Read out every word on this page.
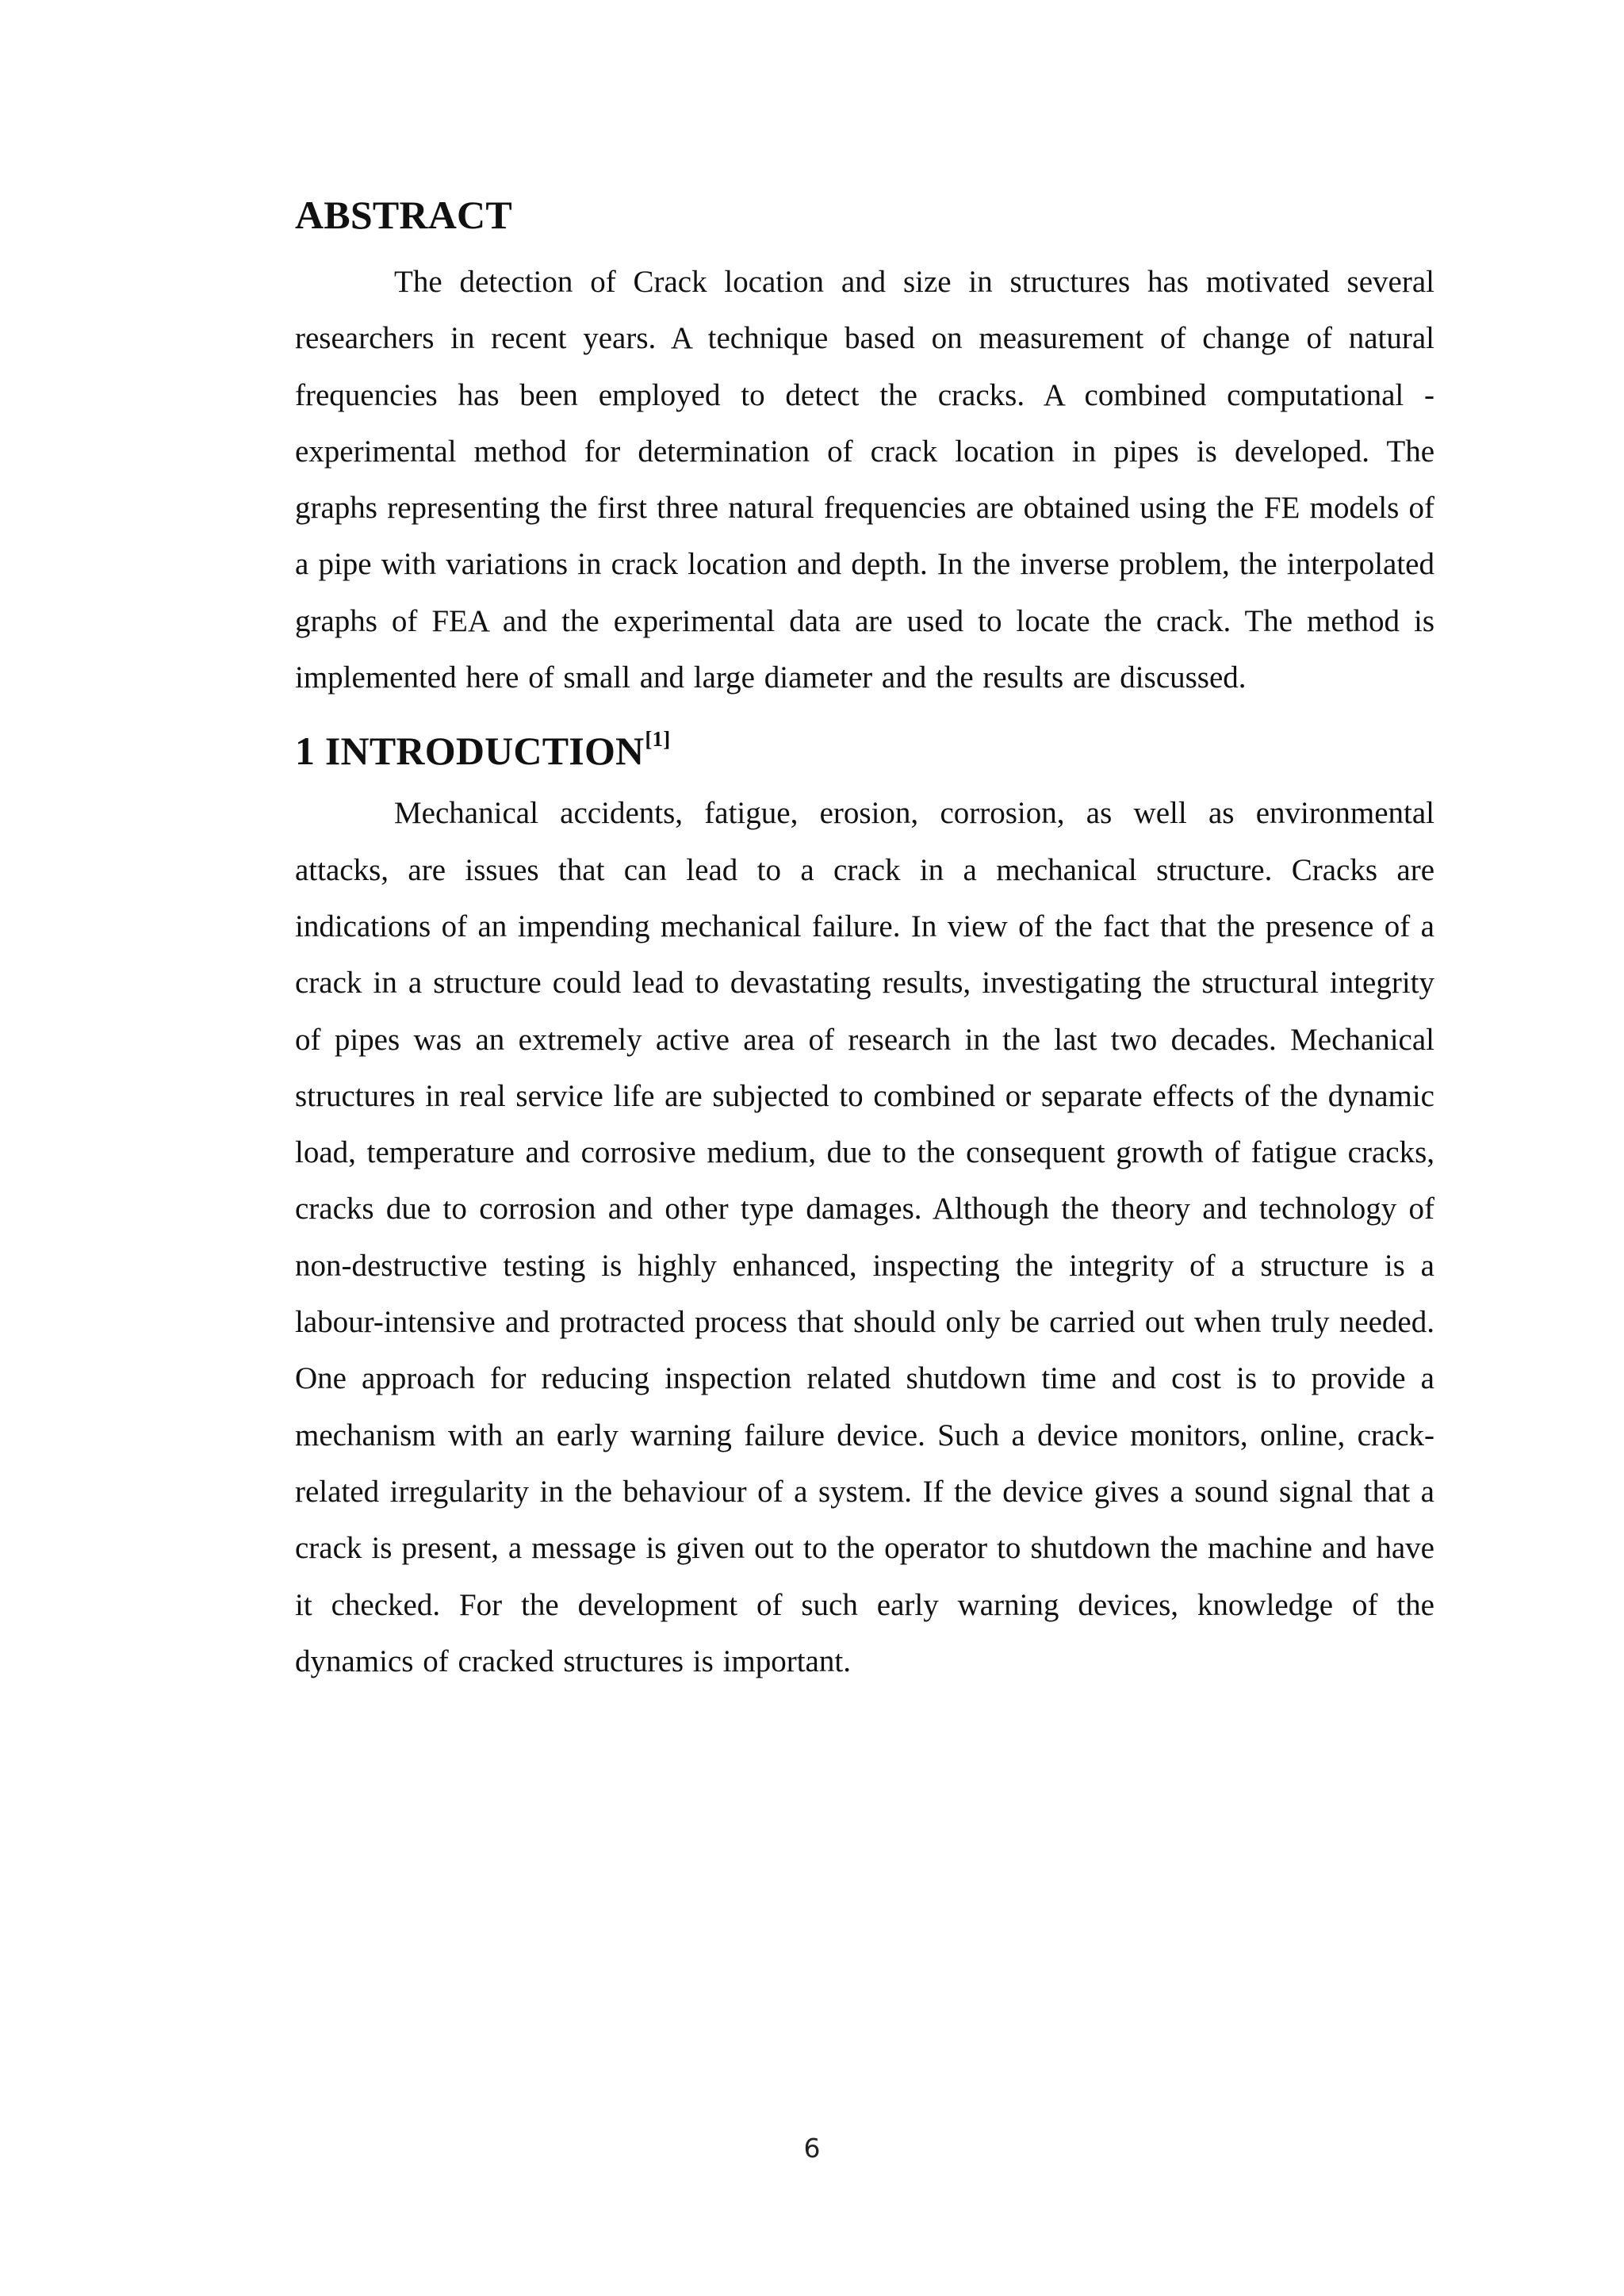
ABSTRACT

The detection of Crack location and size in structures has motivated several researchers in recent years. A technique based on measurement of change of natural frequencies has been employed to detect the cracks. A combined computational - experimental method for determination of crack location in pipes is developed. The graphs representing the first three natural frequencies are obtained using the FE models of a pipe with variations in crack location and depth. In the inverse problem, the interpolated graphs of FEA and the experimental data are used to locate the crack. The method is implemented here of small and large diameter and the results are discussed.

1 INTRODUCTION[1]

Mechanical accidents, fatigue, erosion, corrosion, as well as environmental attacks, are issues that can lead to a crack in a mechanical structure. Cracks are indications of an impending mechanical failure. In view of the fact that the presence of a crack in a structure could lead to devastating results, investigating the structural integrity of pipes was an extremely active area of research in the last two decades. Mechanical structures in real service life are subjected to combined or separate effects of the dynamic load, temperature and corrosive medium, due to the consequent growth of fatigue cracks, cracks due to corrosion and other type damages. Although the theory and technology of non-destructive testing is highly enhanced, inspecting the integrity of a structure is a labour-intensive and protracted process that should only be carried out when truly needed. One approach for reducing inspection related shutdown time and cost is to provide a mechanism with an early warning failure device. Such a device monitors, online, crack-related irregularity in the behaviour of a system. If the device gives a sound signal that a crack is present, a message is given out to the operator to shutdown the machine and have it checked. For the development of such early warning devices, knowledge of the dynamics of cracked structures is important.

6
